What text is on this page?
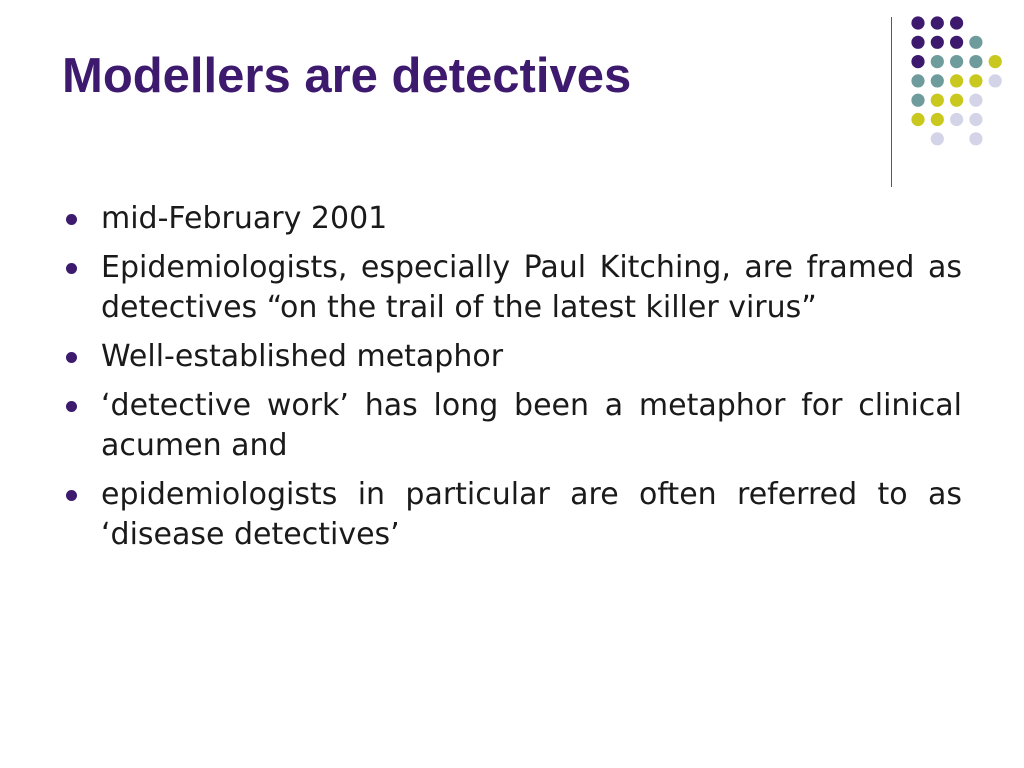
Modellers are detectives
mid-February 2001
Epidemiologists, especially Paul Kitching, are framed as detectives “on the trail of the latest killer virus”
Well-established metaphor
‘detective work’ has long been a metaphor for clinical acumen and
epidemiologists in particular are often referred to as ‘disease detectives’
